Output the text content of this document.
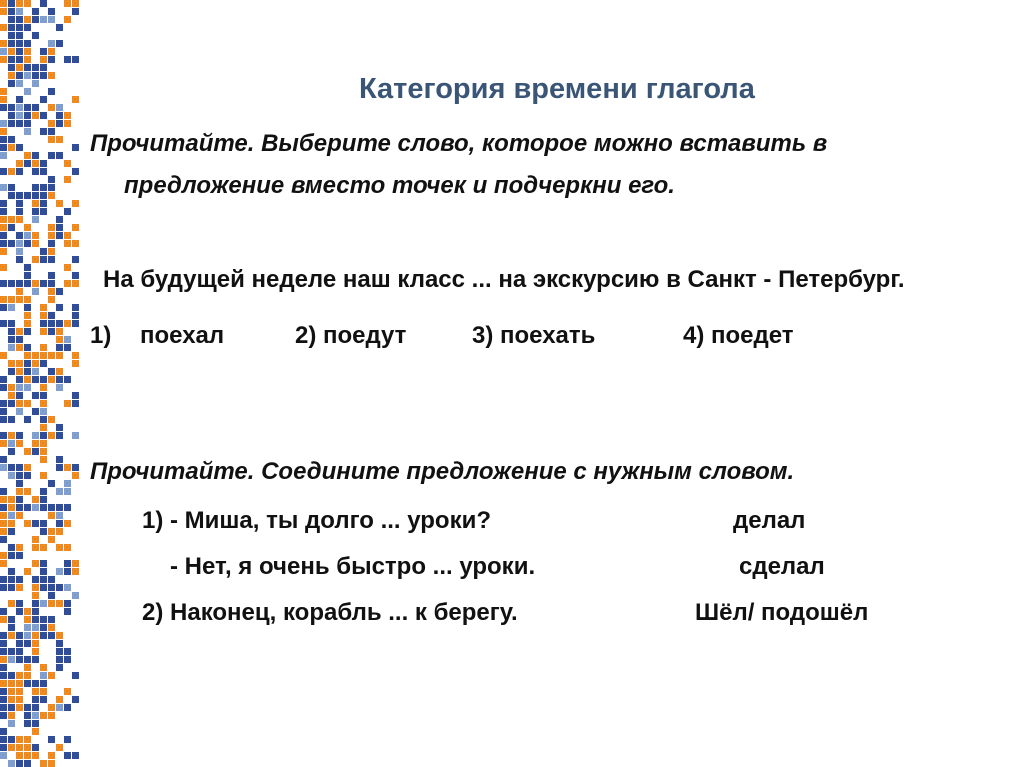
Категория времени глагола
Прочитайте. Выберите слово, которое можно вставить в
предложение вместо точек и подчеркни его.
На будущей неделе наш класс ... на экскурсию в Санкт - Петербург.
1) поехал	2) поедут	3) поехать	4) поедет
Прочитайте. Соедините предложение с нужным словом.
1) - Миша, ты долго ... уроки?	делал
- Нет, я очень быстро ... уроки.	сделал
2) Наконец, корабль ... к берегу.	Шёл/ подошёл
